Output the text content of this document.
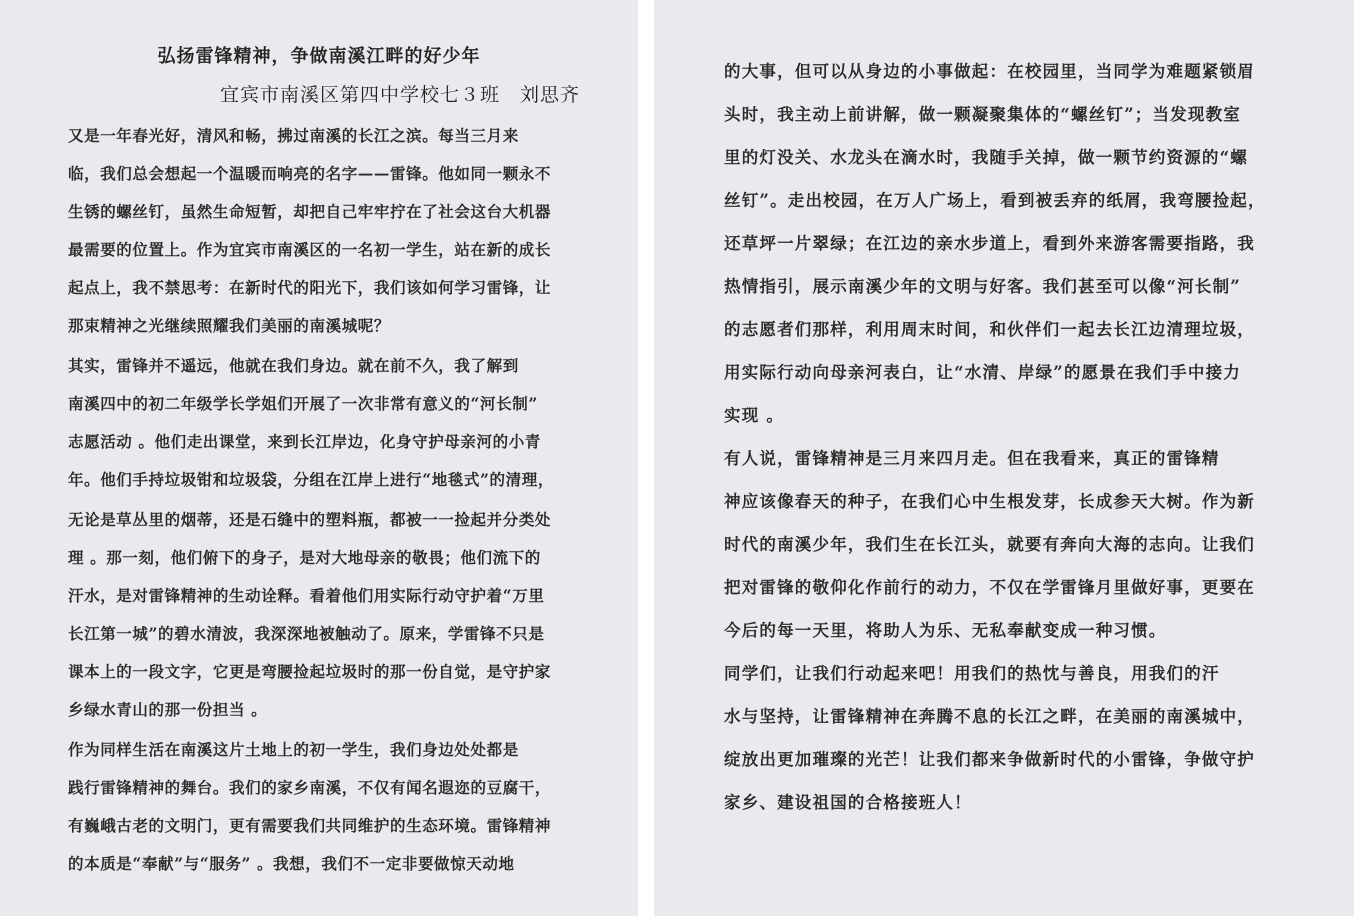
弘扬雷锋精神，争做南溪江畔的好少年
宜宾市南溪区第四中学校七３班　刘思齐
又是一年春光好，清风和畅，拂过南溪的长江之滨。每当三月来
临，我们总会想起一个温暖而响亮的名字——雷锋。他如同一颗永不
生锈的螺丝钉，虽然生命短暂，却把自己牢牢拧在了社会这台大机器
最需要的位置上。作为宜宾市南溪区的一名初一学生，站在新的成长
起点上，我不禁思考：在新时代的阳光下，我们该如何学习雷锋，让
那束精神之光继续照耀我们美丽的南溪城呢？
其实，雷锋并不遥远，他就在我们身边。就在前不久，我了解到
南溪四中的初二年级学长学姐们开展了一次非常有意义的“河长制”
志愿活动 。他们走出课堂，来到长江岸边，化身守护母亲河的小青
年。他们手持垃圾钳和垃圾袋，分组在江岸上进行“地毯式”的清理，
无论是草丛里的烟蒂，还是石缝中的塑料瓶，都被一一捡起并分类处
理 。那一刻，他们俯下的身子，是对大地母亲的敬畏；他们流下的
汗水，是对雷锋精神的生动诠释。看着他们用实际行动守护着“万里
长江第一城”的碧水清波，我深深地被触动了。原来，学雷锋不只是
课本上的一段文字，它更是弯腰捡起垃圾时的那一份自觉，是守护家
乡绿水青山的那一份担当 。
作为同样生活在南溪这片土地上的初一学生，我们身边处处都是
践行雷锋精神的舞台。我们的家乡南溪，不仅有闻名遐迩的豆腐干，
有巍峨古老的文明门，更有需要我们共同维护的生态环境。雷锋精神
的本质是“奉献”与“服务” 。我想，我们不一定非要做惊天动地
的大事，但可以从身边的小事做起：在校园里，当同学为难题紧锁眉
头时，我主动上前讲解，做一颗凝聚集体的“螺丝钉”；当发现教室
里的灯没关、水龙头在滴水时，我随手关掉，做一颗节约资源的“螺
丝钉”。走出校园，在万人广场上，看到被丢弃的纸屑，我弯腰捡起，
还草坪一片翠绿；在江边的亲水步道上，看到外来游客需要指路，我
热情指引，展示南溪少年的文明与好客。我们甚至可以像“河长制”
的志愿者们那样，利用周末时间，和伙伴们一起去长江边清理垃圾，
用实际行动向母亲河表白，让“水清、岸绿”的愿景在我们手中接力
实现 。
有人说，雷锋精神是三月来四月走。但在我看来，真正的雷锋精
神应该像春天的种子，在我们心中生根发芽，长成参天大树。作为新
时代的南溪少年，我们生在长江头，就要有奔向大海的志向。让我们
把对雷锋的敬仰化作前行的动力，不仅在学雷锋月里做好事，更要在
今后的每一天里，将助人为乐、无私奉献变成一种习惯。
同学们，让我们行动起来吧！用我们的热忱与善良，用我们的汗
水与坚持，让雷锋精神在奔腾不息的长江之畔，在美丽的南溪城中，
绽放出更加璀璨的光芒！让我们都来争做新时代的小雷锋，争做守护
家乡、建设祖国的合格接班人！
